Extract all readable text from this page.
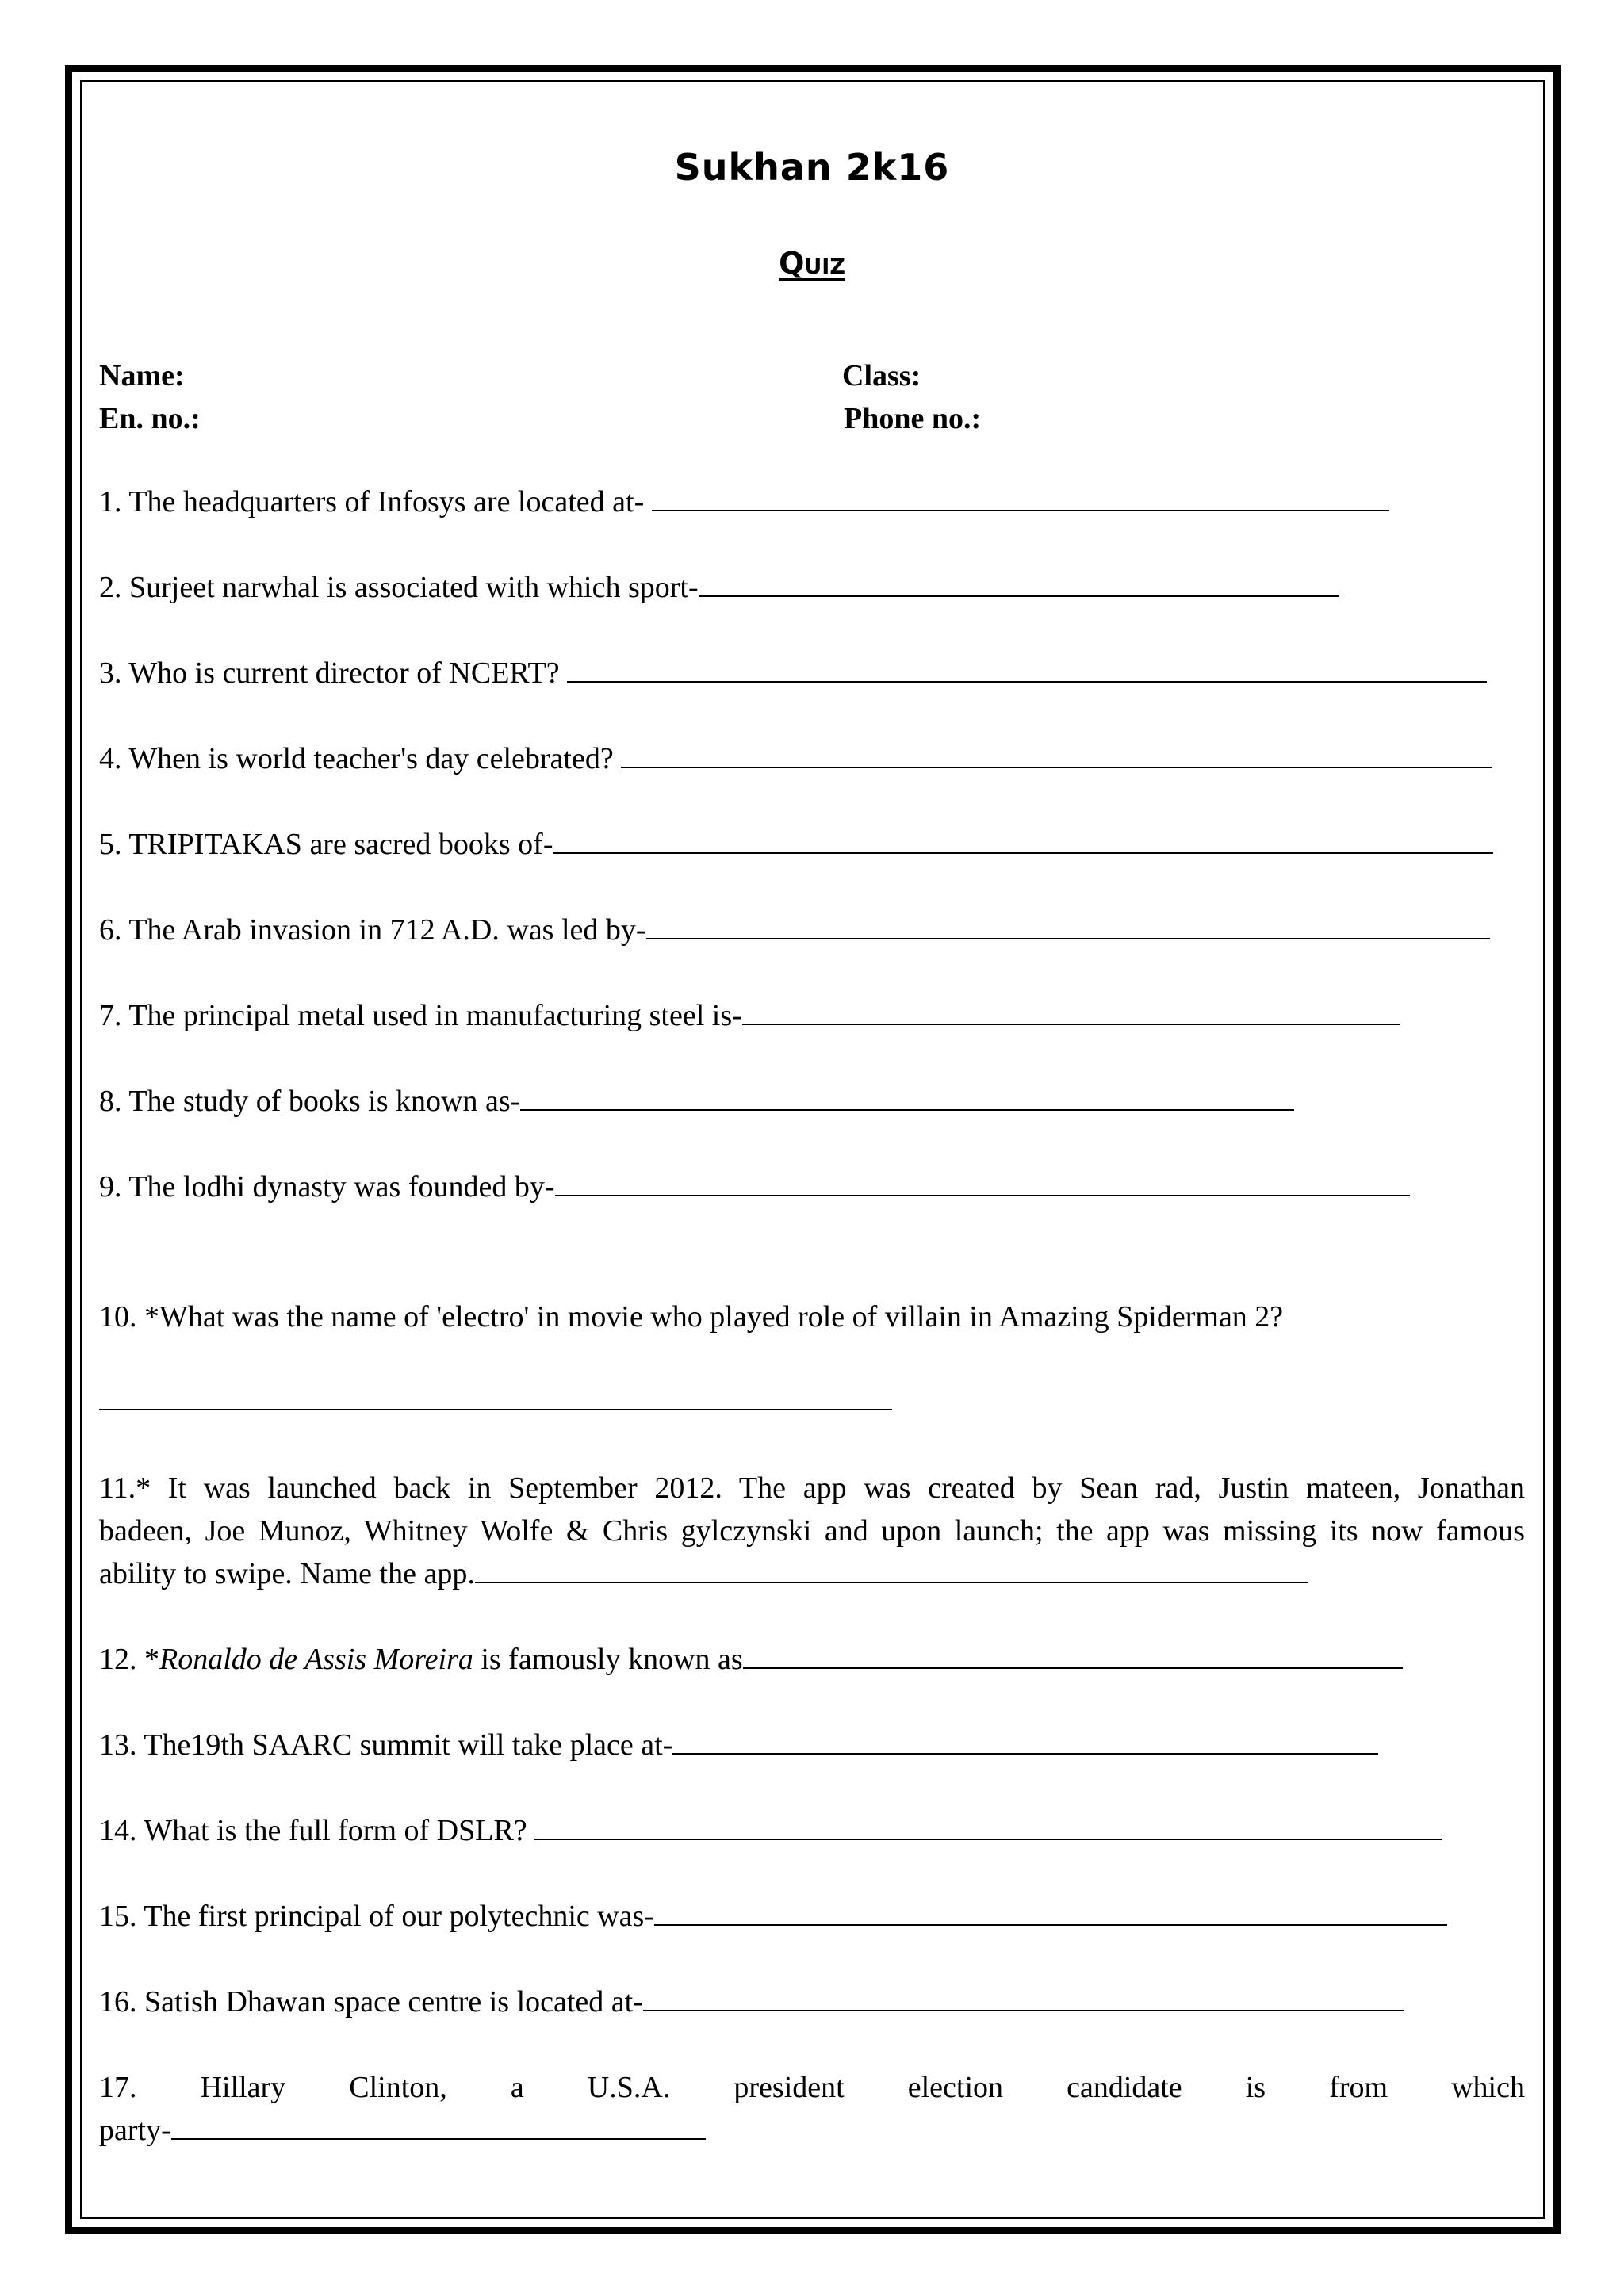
Sukhan 2k16
Quiz
Name:	Class:
En. no.:	Phone no.:
1. The headquarters of Infosys are located at-
2. Surjeet narwhal is associated with which sport-
3. Who is current director of NCERT?
4. When is world teacher's day celebrated?
5. TRIPITAKAS are sacred books of-
6. The Arab invasion in 712 A.D. was led by-
7. The principal metal used in manufacturing steel is-
8. The study of books is known as-
9. The lodhi dynasty was founded by-
10. *What was the name of 'electro' in movie who played role of villain in Amazing Spiderman 2?
11.* It was launched back in September 2012. The app was created by Sean rad, Justin mateen, Jonathan
badeen, Joe Munoz, Whitney Wolfe & Chris gylczynski and upon launch; the app was missing its now famous
ability to swipe. Name the app.
12. *Ronaldo de Assis Moreira is famously known as
13. The19th SAARC summit will take place at-
14. What is the full form of DSLR?
15. The first principal of our polytechnic was-
16. Satish Dhawan space centre is located at-
17. Hillary Clinton, a U.S.A. president election candidate is from which
party-
